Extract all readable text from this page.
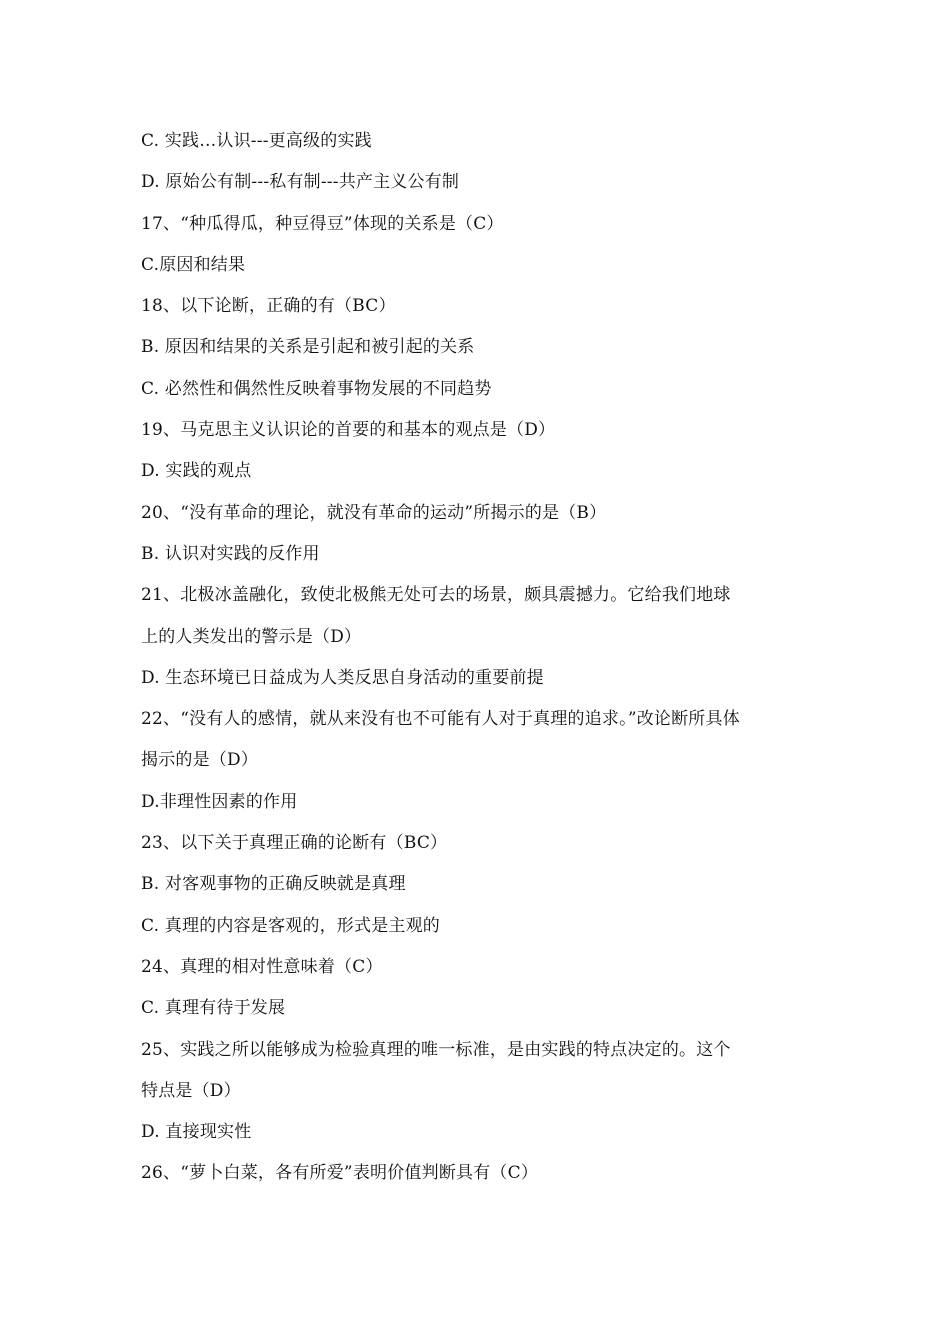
C. 实践…认识---更高级的实践
D. 原始公有制---私有制---共产主义公有制
17、“种瓜得瓜，种豆得豆”体现的关系是（C）
C.原因和结果
18、以下论断，正确的有（BC）
B. 原因和结果的关系是引起和被引起的关系
C. 必然性和偶然性反映着事物发展的不同趋势
19、马克思主义认识论的首要的和基本的观点是（D）
D. 实践的观点
20、“没有革命的理论，就没有革命的运动”所揭示的是（B）
B. 认识对实践的反作用
21、北极冰盖融化，致使北极熊无处可去的场景，颇具震撼力。它给我们地球
上的人类发出的警示是（D）
D. 生态环境已日益成为人类反思自身活动的重要前提
22、“没有人的感情，就从来没有也不可能有人对于真理的追求。”改论断所具体
揭示的是（D）
D.非理性因素的作用
23、以下关于真理正确的论断有（BC）
B. 对客观事物的正确反映就是真理
C. 真理的内容是客观的，形式是主观的
24、真理的相对性意味着（C）
C. 真理有待于发展
25、实践之所以能够成为检验真理的唯一标准，是由实践的特点决定的。这个
特点是（D）
D. 直接现实性
26、“萝卜白菜，各有所爱”表明价值判断具有（C）
